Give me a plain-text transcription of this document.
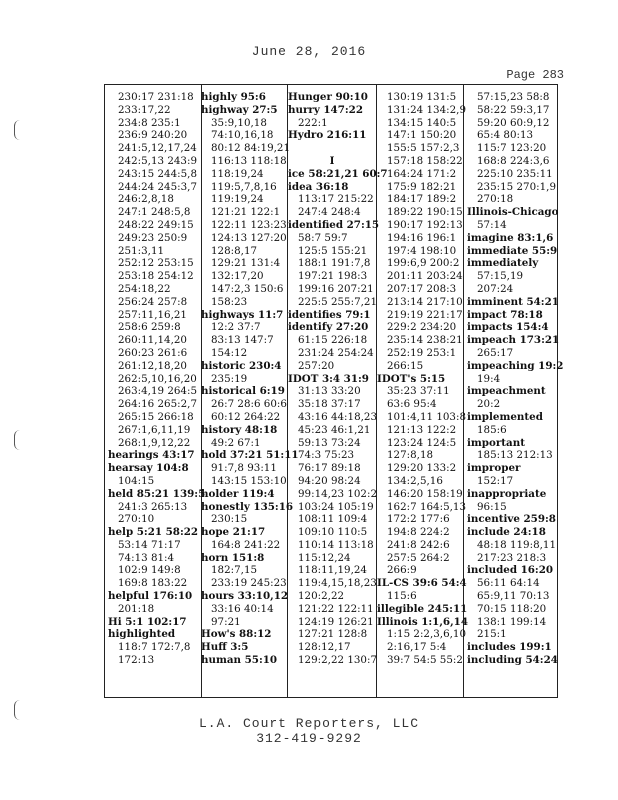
June 28, 2016
Page 283
230:17 231:18
233:17,22
234:8 235:1
236:9 240:20
241:5,12,17,24
242:5,13 243:9
243:15 244:5,8
244:24 245:3,7
246:2,8,18
247:1 248:5,8
248:22 249:15
249:23 250:9
251:3,11
252:12 253:15
253:18 254:12
254:18,22
256:24 257:8
257:11,16,21
258:6 259:8
260:11,14,20
260:23 261:6
261:12,18,20
262:5,10,16,20
263:4,19 264:5
264:16 265:2,7
265:15 266:18
267:1,6,11,19
268:1,9,12,22
hearings 43:17
hearsay 104:8
104:15
held 85:21 139:5
241:3 265:13
270:10
help 5:21 58:22
53:14 71:17
74:13 81:4
102:9 149:8
169:8 183:22
helpful 176:10
201:18
Hi 5:1 102:17
highlighted
118:7 172:7,8
172:13
highly 95:6
highway 27:5
35:9,10,18
74:10,16,18
80:12 84:19,21
116:13 118:18
118:19,24
119:5,7,8,16
119:19,24
121:21 122:1
122:11 123:23
124:13 127:20
128:8,17
129:21 131:4
132:17,20
147:2,3 150:6
158:23
highways 11:7
12:2 37:7
83:13 147:7
154:12
historic 230:4
235:19
historical 6:19
26:7 28:6 60:6
60:12 264:22
history 48:18
49:2 67:1
hold 37:21 51:11
91:7,8 93:11
143:15 153:10
holder 119:4
honestly 135:16
230:15
hope 21:17
164:8 241:22
horn 151:8
182:7,15
233:19 245:23
hours 33:10,12
33:16 40:14
97:21
How's 88:12
Huff 3:5
human 55:10
Hunger 90:10
hurry 147:22
222:1
Hydro 216:11

I
ice 58:21,21 60:7
idea 36:18
113:17 215:22
247:4 248:4
identified 27:15
58:7 59:7
125:5 155:21
188:1 191:7,8
197:21 198:3
199:16 207:21
225:5 255:7,21
identifies 79:1
identify 27:20
61:15 226:18
231:24 254:24
257:20
IDOT 3:4 31:9
31:13 33:20
35:18 37:17
43:16 44:18,23
45:23 46:1,21
59:13 73:24
74:3 75:23
76:17 89:18
94:20 98:24
99:14,23 102:2
103:24 105:19
108:11 109:4
109:10 110:5
110:14 113:18
115:12,24
118:11,19,24
119:4,15,18,23
120:2,22
121:22 122:11
124:19 126:21
127:21 128:8
128:12,17
129:2,22 130:7
130:19 131:5
131:24 134:2,9
134:15 140:5
147:1 150:20
155:5 157:2,3
157:18 158:22
164:24 171:2
175:9 182:21
184:17 189:2
189:22 190:15
190:17 192:13
194:16 196:1
197:4 198:10
199:6,9 200:2
201:11 203:24
207:17 208:3
213:14 217:10
219:19 221:17
229:2 234:20
235:14 238:21
252:19 253:1
266:15
IDOT's 5:15
35:23 37:11
63:6 95:4
101:4,11 103:8
121:13 122:2
123:24 124:5
127:8,18
129:20 133:2
134:2,5,16
146:20 158:19
162:7 164:5,13
172:2 177:6
194:8 224:2
241:8 242:6
257:5 264:2
266:9
IL-CS 39:6 54:4
115:6
illegible 245:11
Illinois 1:1,6,14
1:15 2:2,3,6,10
2:16,17 5:4
39:7 54:5 55:2
57:15,23 58:8
58:22 59:3,17
59:20 60:9,12
65:4 80:13
115:7 123:20
168:8 224:3,6
225:10 235:11
235:15 270:1,9
270:18
Illinois-Chicago
57:14
imagine 83:1,6
immediate 55:9
immediately
57:15,19
207:24
imminent 54:21
impact 78:18
impacts 154:4
impeach 173:21
265:17
impeaching 19:2
19:4
impeachment
20:2
implemented
185:6
important
185:13 212:13
improper
152:17
inappropriate
96:15
incentive 259:8
include 24:18
48:18 119:8,11
217:23 218:3
included 16:20
56:11 64:14
65:9,11 70:13
70:15 118:20
138:1 199:14
215:1
includes 199:1
including 54:24
L.A. Court Reporters, LLC
312-419-9292
